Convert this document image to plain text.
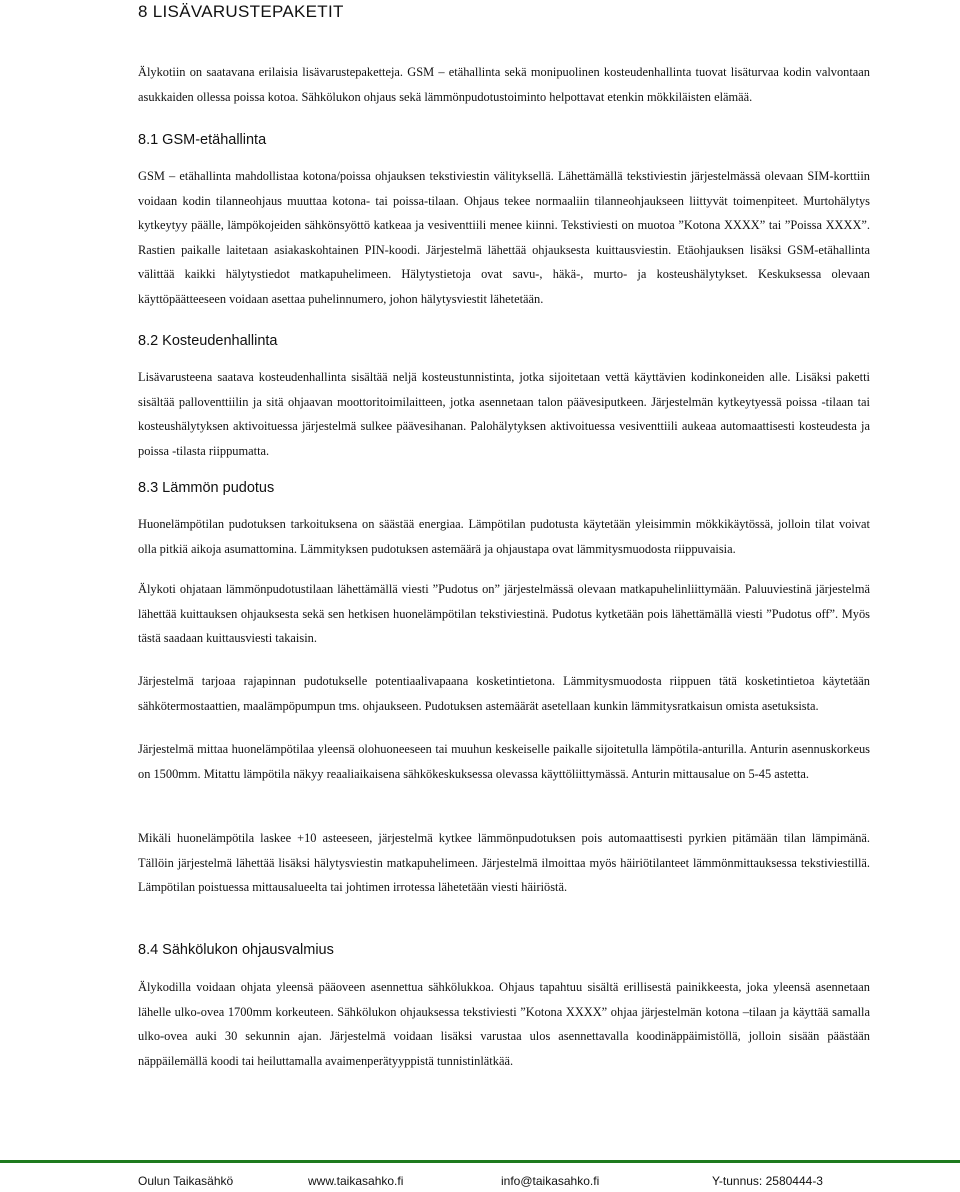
8 LISÄVARUSTEPAKETIT

Älykotiin on saatavana erilaisia lisävarustepaketteja. GSM – etähallinta sekä monipuolinen kosteudenhallinta tuovat lisäturvaa kodin valvontaan asukkaiden ollessa poissa kotoa. Sähkölukon ohjaus sekä lämmönpudotustoiminto helpottavat etenkin mökkiläisten elämää.

8.1 GSM-etähallinta

GSM – etähallinta mahdollistaa kotona/poissa ohjauksen tekstiviestin välityksellä. Lähettämällä tekstiviestin järjestelmässä olevaan SIM-korttiin voidaan kodin tilanneohjaus muuttaa kotona- tai poissa-tilaan. Ohjaus tekee normaaliin tilanneohjaukseen liittyvät toimenpiteet. Murtohälytys kytkeytyy päälle, lämpökojeiden sähkönsyöttö katkeaa ja vesiventtiili menee kiinni. Tekstiviesti on muotoa ”Kotona XXXX” tai ”Poissa XXXX”. Rastien paikalle laitetaan asiakaskohtainen PIN-koodi. Järjestelmä lähettää ohjauksesta kuittausviestin. Etäohjauksen lisäksi GSM-etähallinta välittää kaikki hälytystiedot matkapuhelimeen. Hälytystietoja ovat savu-, häkä-, murto- ja kosteushälytykset. Keskuksessa olevaan käyttöpäätteeseen voidaan asettaa puhelinnumero, johon hälytysviestit lähetetään.

8.2 Kosteudenhallinta

Lisävarusteena saatava kosteudenhallinta sisältää neljä kosteustunnistinta, jotka sijoitetaan vettä käyttävien kodinkoneiden alle. Lisäksi paketti sisältää palloventtiilin ja sitä ohjaavan moottoritoimilaitteen, jotka asennetaan talon päävesiputkeen. Järjestelmän kytkeytyessä poissa -tilaan tai kosteushälytyksen aktivoituessa järjestelmä sulkee päävesihanan. Palohälytyksen aktivoituessa vesiventtiili aukeaa automaattisesti kosteudesta ja poissa -tilasta riippumatta.

8.3 Lämmön pudotus

Huonelämpötilan pudotuksen tarkoituksena on säästää energiaa. Lämpötilan pudotusta käytetään yleisimmin mökkikäytössä, jolloin tilat voivat olla pitkiä aikoja asumattomina. Lämmityksen pudotuksen astemäärä ja ohjaustapa ovat lämmitysmuodosta riippuvaisia.

Älykoti ohjataan lämmönpudotustilaan lähettämällä viesti ”Pudotus on” järjestelmässä olevaan matkapuhelinliittymään. Paluuviestinä järjestelmä lähettää kuittauksen ohjauksesta sekä sen hetkisen huonelämpötilan tekstiviestinä. Pudotus kytketään pois lähettämällä viesti ”Pudotus off”. Myös tästä saadaan kuittausviesti takaisin.

Järjestelmä tarjoaa rajapinnan pudotukselle potentiaalivapaana kosketintietona. Lämmitysmuodosta riippuen tätä kosketintietoa käytetään sähkötermostaattien, maalämpöpumpun tms. ohjaukseen. Pudotuksen astemäärät asetellaan kunkin lämmitysratkaisun omista asetuksista.

Järjestelmä mittaa huonelämpötilaa yleensä olohuoneeseen tai muuhun keskeiselle paikalle sijoitetulla lämpötila-anturilla. Anturin asennuskorkeus on 1500mm. Mitattu lämpötila näkyy reaaliaikaisena sähkökeskuksessa olevassa käyttöliittymässä. Anturin mittausalue on 5-45 astetta.

Mikäli huonelämpötila laskee +10 asteeseen, järjestelmä kytkee lämmönpudotuksen pois automaattisesti pyrkien pitämään tilan lämpimänä. Tällöin järjestelmä lähettää lisäksi hälytysviestin matkapuhelimeen. Järjestelmä ilmoittaa myös häiriötilanteet lämmönmittauksessa tekstiviestillä. Lämpötilan poistuessa mittausalueelta tai johtimen irrotessa lähetetään viesti häiriöstä.

8.4 Sähkölukon ohjausvalmius

Älykodilla voidaan ohjata yleensä pääoveen asennettua sähkölukkoa. Ohjaus tapahtuu sisältä erillisestä painikkeesta, joka yleensä asennetaan lähelle ulko-ovea 1700mm korkeuteen. Sähkölukon ohjauksessa tekstiviesti ”Kotona XXXX” ohjaa järjestelmän kotona –tilaan ja käyttää samalla ulko-ovea auki 30 sekunnin ajan. Järjestelmä voidaan lisäksi varustaa ulos asennettavalla koodinäppäimistöllä, jolloin sisään päästään näppäilemällä koodi tai heiluttamalla avaimenperätyyppistä tunnistinlätkää.

Oulun Taikasähkö	www.taikasahko.fi	info@taikasahko.fi	Y-tunnus: 2580444-3
